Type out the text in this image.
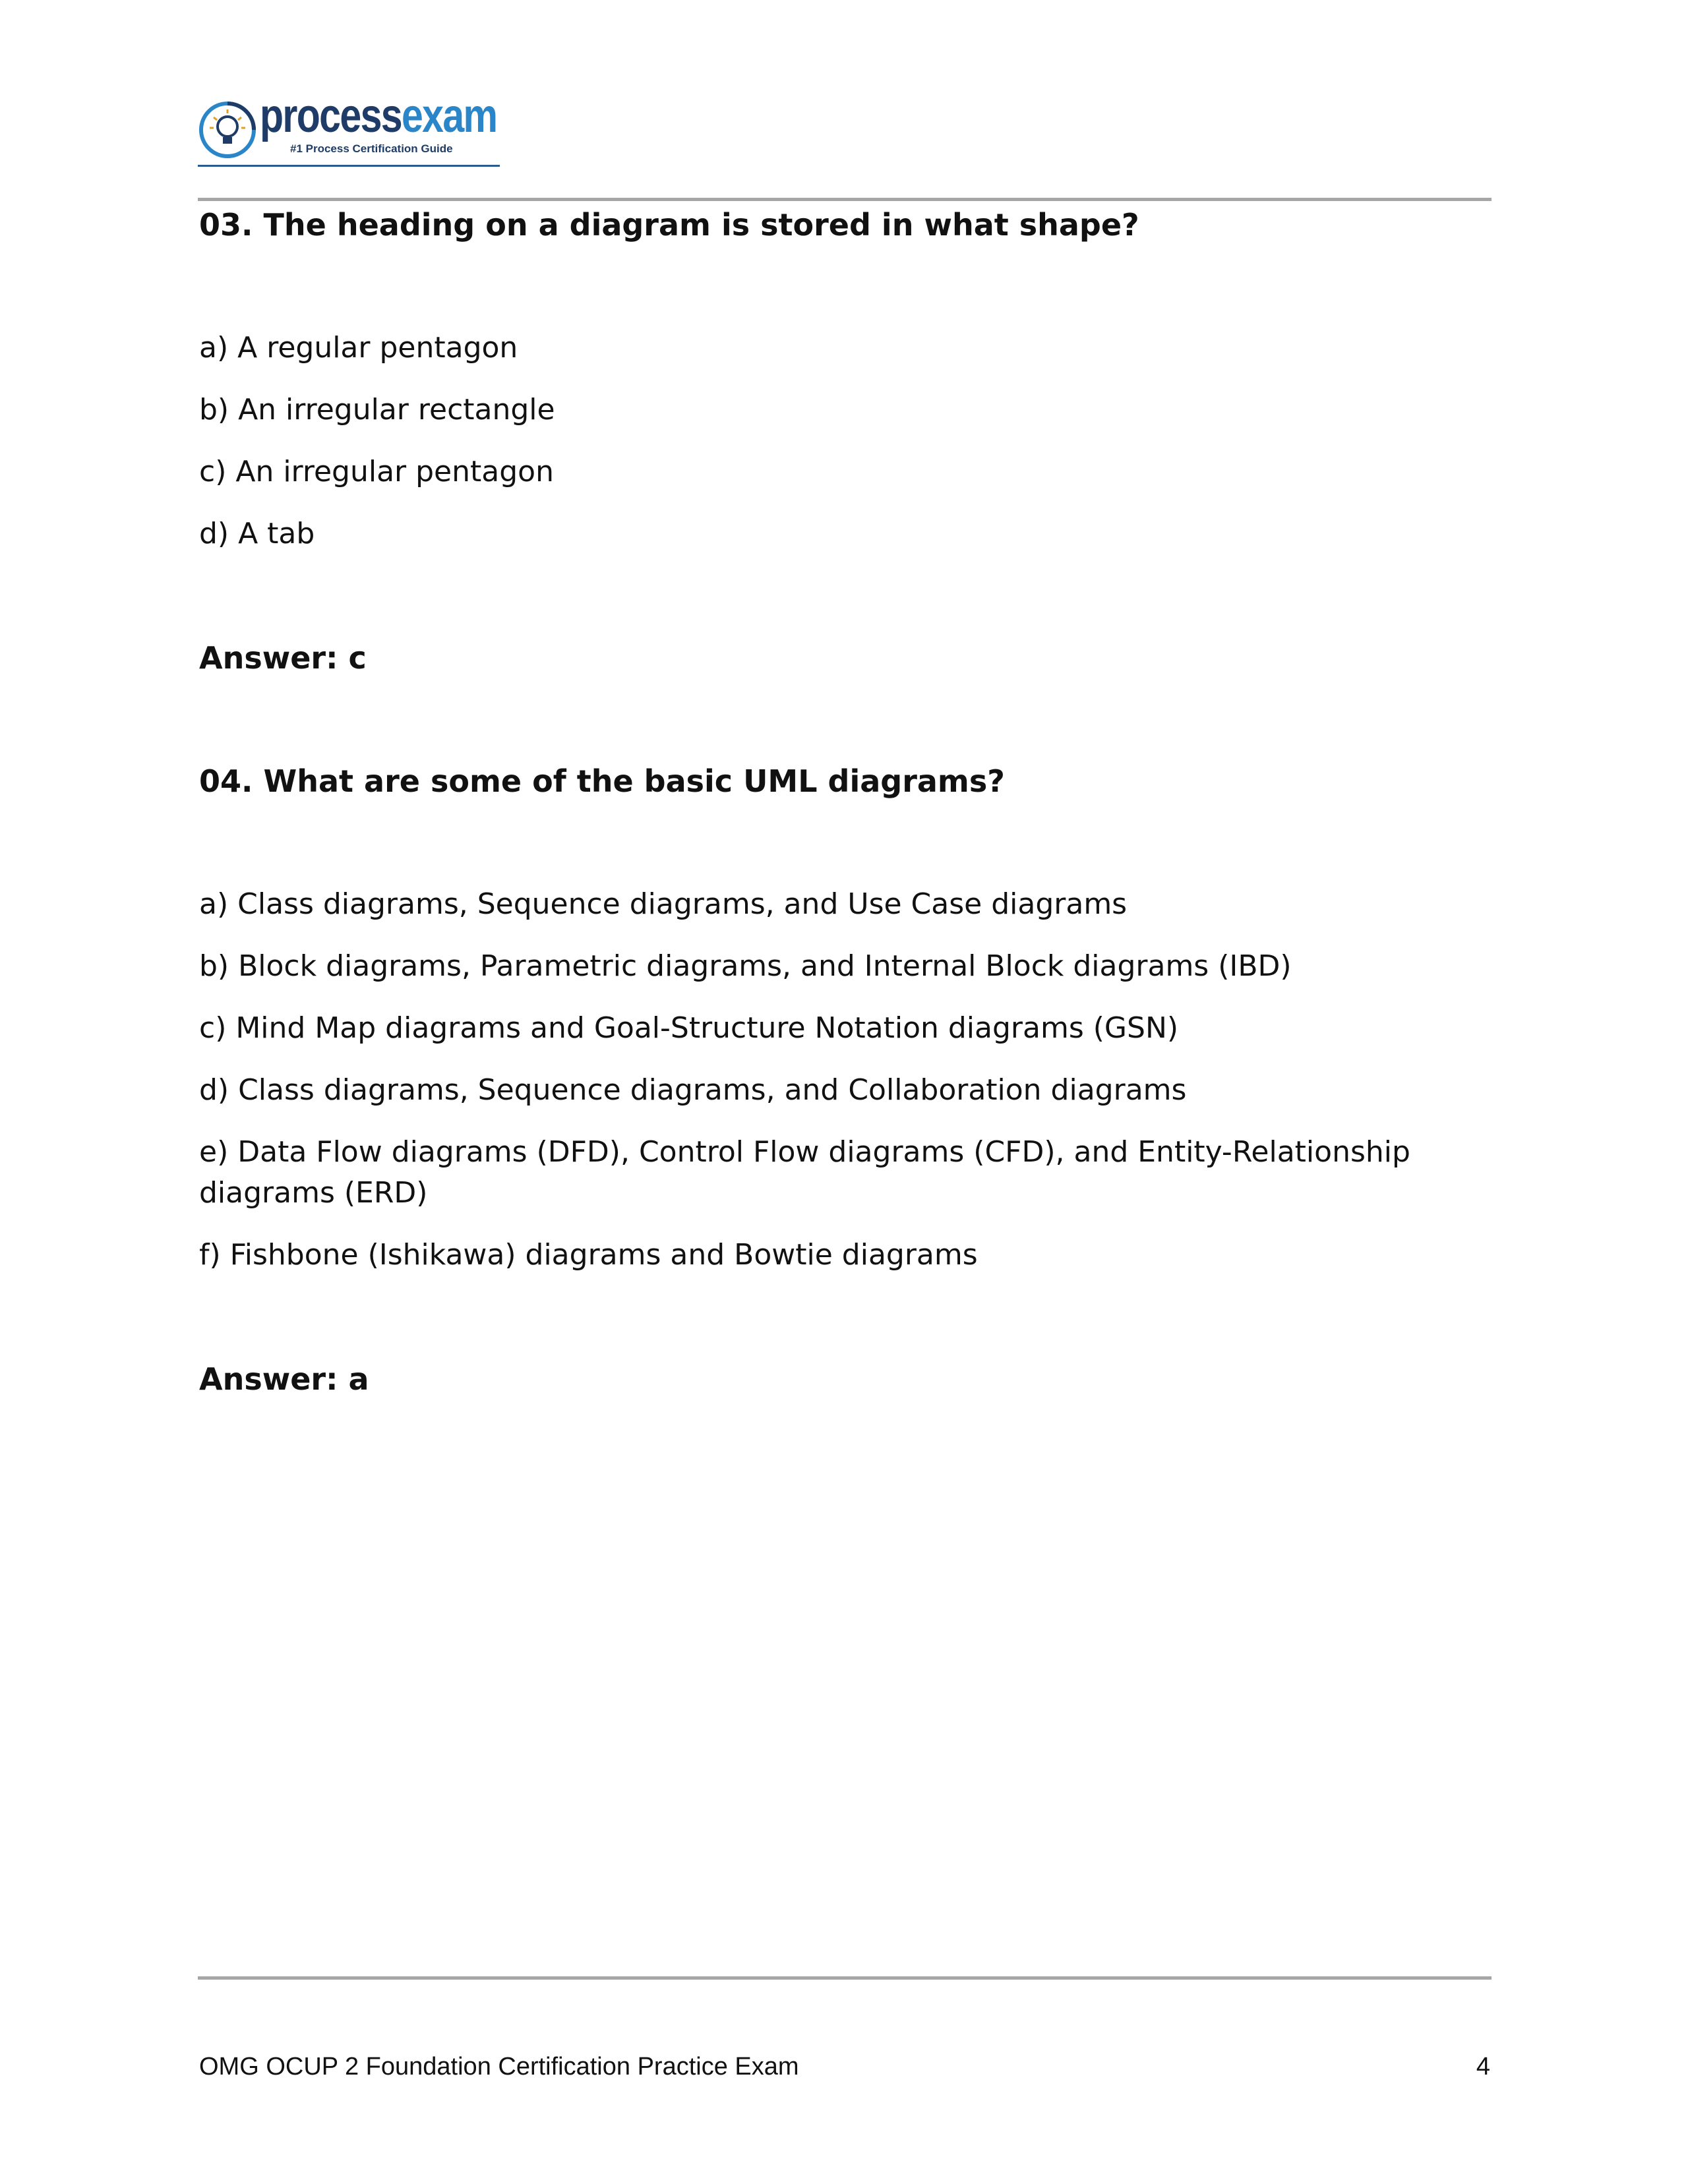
processexam
#1 Process Certification Guide

03. The heading on a diagram is stored in what shape?

a) A regular pentagon
b) An irregular rectangle
c) An irregular pentagon
d) A tab

Answer: c

04. What are some of the basic UML diagrams?

a) Class diagrams, Sequence diagrams, and Use Case diagrams
b) Block diagrams, Parametric diagrams, and Internal Block diagrams (IBD)
c) Mind Map diagrams and Goal-Structure Notation diagrams (GSN)
d) Class diagrams, Sequence diagrams, and Collaboration diagrams
e) Data Flow diagrams (DFD), Control Flow diagrams (CFD), and Entity-Relationship diagrams (ERD)
f) Fishbone (Ishikawa) diagrams and Bowtie diagrams

Answer: a

OMG OCUP 2 Foundation Certification Practice Exam	4
